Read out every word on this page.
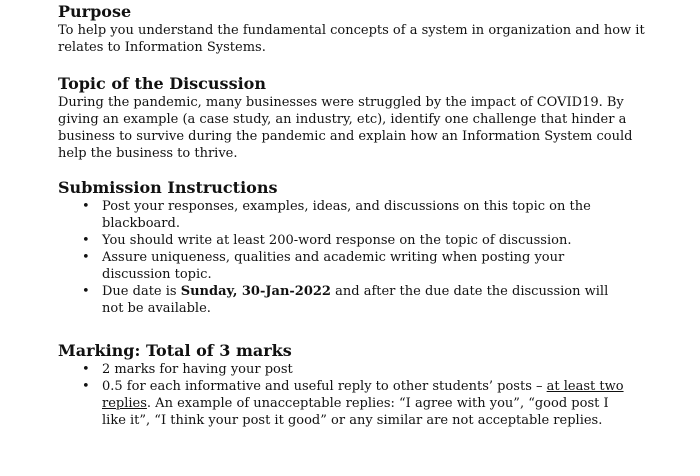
Purpose

To help you understand the fundamental concepts of a system in organization and how it relates to Information Systems.

Topic of the Discussion

During the pandemic, many businesses were struggled by the impact of COVID19. By giving an example (a case study, an industry, etc), identify one challenge that hinder a business to survive during the pandemic and explain how an Information System could help the business to thrive.

Submission Instructions
• Post your responses, examples, ideas, and discussions on this topic on the blackboard.
• You should write at least 200-word response on the topic of discussion.
• Assure uniqueness, qualities and academic writing when posting your discussion topic.
• Due date is Sunday, 30-Jan-2022 and after the due date the discussion will not be available.
Marking: Total of 3 marks
• 2 marks for having your post
• 0.5 for each informative and useful reply to other students’ posts – at least two replies. An example of unacceptable replies: “I agree with you”, “good post I like it”, “I think your post it good” or any similar are not acceptable replies.
